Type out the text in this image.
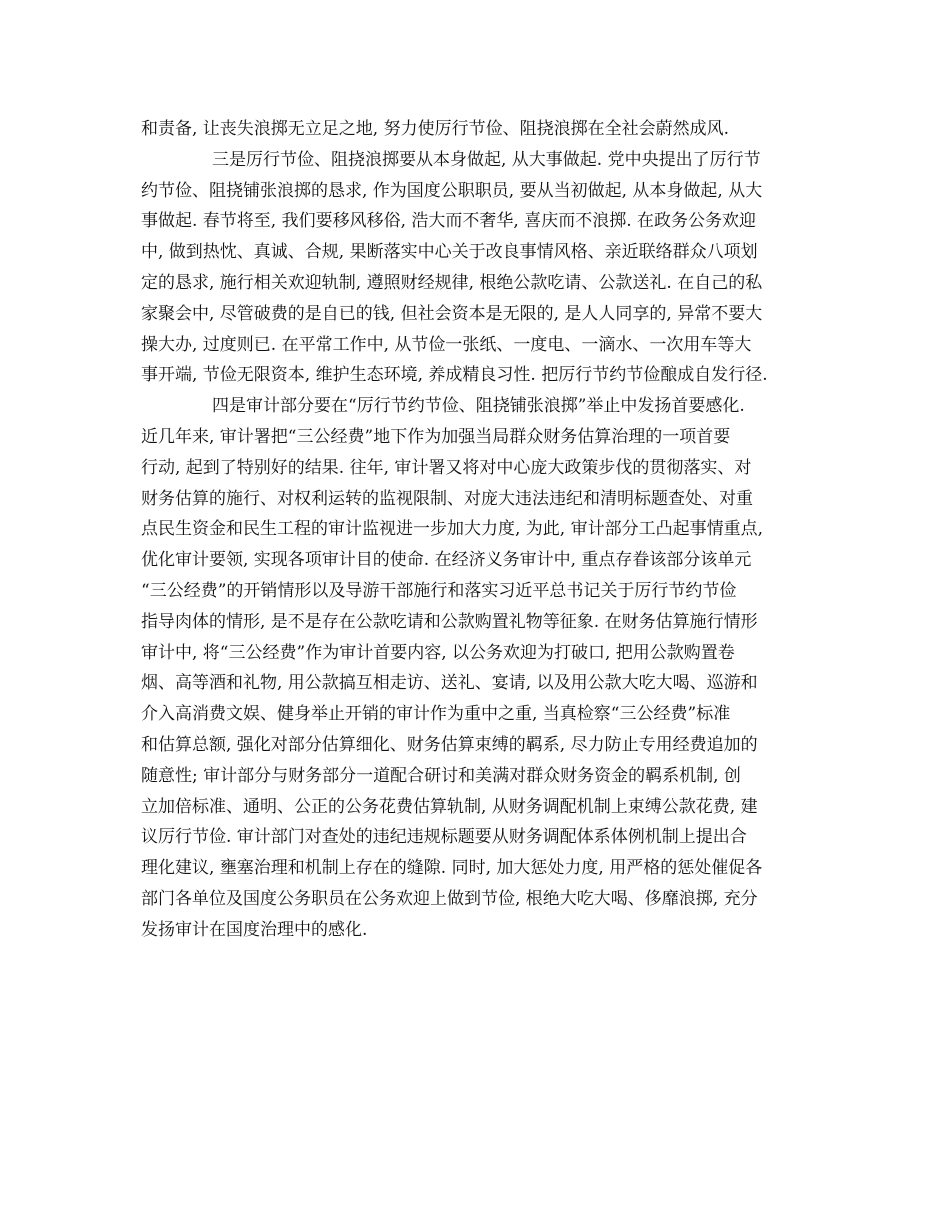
和责备, 让丧失浪掷无立足之地, 努力使厉行节俭、阻挠浪掷在全社会蔚然成风.
三是厉行节俭、阻挠浪掷要从本身做起, 从大事做起. 党中央提出了厉行节
约节俭、阻挠铺张浪掷的恳求, 作为国度公职职员, 要从当初做起, 从本身做起, 从大
事做起. 春节将至, 我们要移风移俗, 浩大而不奢华, 喜庆而不浪掷. 在政务公务欢迎
中, 做到热忱、真诚、合规, 果断落实中心关于改良事情风格、亲近联络群众八项划
定的恳求, 施行相关欢迎轨制, 遵照财经规律, 根绝公款吃请、公款送礼. 在自己的私
家聚会中, 尽管破费的是自已的钱, 但社会资本是无限的, 是人人同享的, 异常不要大
操大办, 过度则已. 在平常工作中, 从节俭一张纸、一度电、一滴水、一次用车等大
事开端, 节俭无限资本, 维护生态环境, 养成精良习性. 把厉行节约节俭酿成自发行径.
四是审计部分要在“厉行节约节俭、阻挠铺张浪掷”举止中发扬首要感化.
近几年来, 审计署把“三公经费”地下作为加强当局群众财务估算治理的一项首要
行动, 起到了特别好的结果. 往年, 审计署又将对中心庞大政策步伐的贯彻落实、对
财务估算的施行、对权利运转的监视限制、对庞大违法违纪和清明标题查处、对重
点民生资金和民生工程的审计监视进一步加大力度, 为此, 审计部分工凸起事情重点,
优化审计要领, 实现各项审计目的使命. 在经济义务审计中, 重点存眷该部分该单元
“三公经费”的开销情形以及导游干部施行和落实习近平总书记关于厉行节约节俭
指导肉体的情形, 是不是存在公款吃请和公款购置礼物等征象. 在财务估算施行情形
审计中, 将“三公经费”作为审计首要内容, 以公务欢迎为打破口, 把用公款购置卷
烟、高等酒和礼物, 用公款搞互相走访、送礼、宴请, 以及用公款大吃大喝、巡游和
介入高消费文娱、健身举止开销的审计作为重中之重, 当真检察“三公经费”标准
和估算总额, 强化对部分估算细化、财务估算束缚的羁系, 尽力防止专用经费追加的
随意性; 审计部分与财务部分一道配合研讨和美满对群众财务资金的羁系机制, 创
立加倍标准、通明、公正的公务花费估算轨制, 从财务调配机制上束缚公款花费, 建
议厉行节俭. 审计部门对查处的违纪违规标题要从财务调配体系体例机制上提出合
理化建议, 壅塞治理和机制上存在的缝隙. 同时, 加大惩处力度, 用严格的惩处催促各
部门各单位及国度公务职员在公务欢迎上做到节俭, 根绝大吃大喝、侈靡浪掷, 充分
发扬审计在国度治理中的感化.
